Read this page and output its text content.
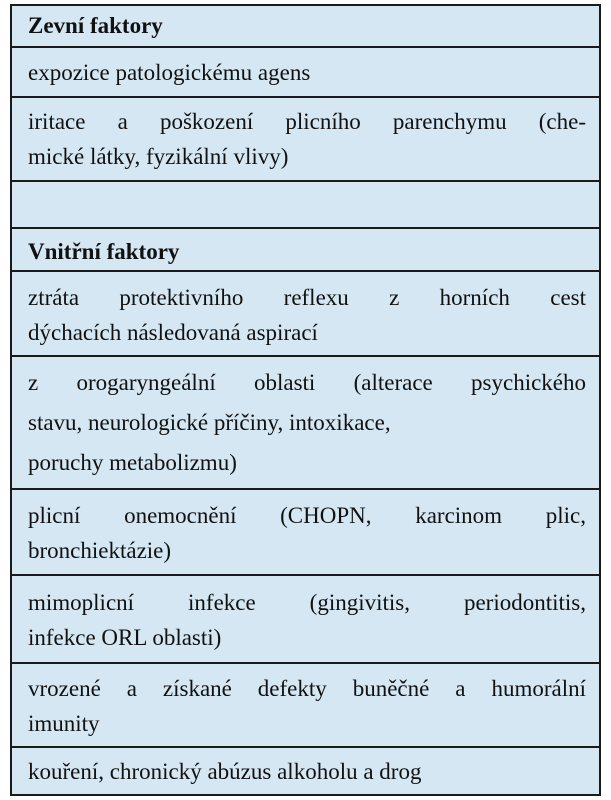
Zevní faktory
expozice patologickému agens
iritace a poškození plicního parenchymu (che-
mické látky, fyzikální vlivy)
Vnitřní faktory
ztráta protektivního reflexu z horních cest
dýchacích následovaná aspirací
z orogaryngeální oblasti (alterace psychického
stavu, neurologické příčiny, intoxikace,
poruchy metabolizmu)
plicní onemocnění (CHOPN, karcinom plic,
bronchiektázie)
mimoplicní infekce (gingivitis, periodontitis,
infekce ORL oblasti)
vrozené a získané defekty buněčné a humorální
imunity
kouření, chronický abúzus alkoholu a drog
